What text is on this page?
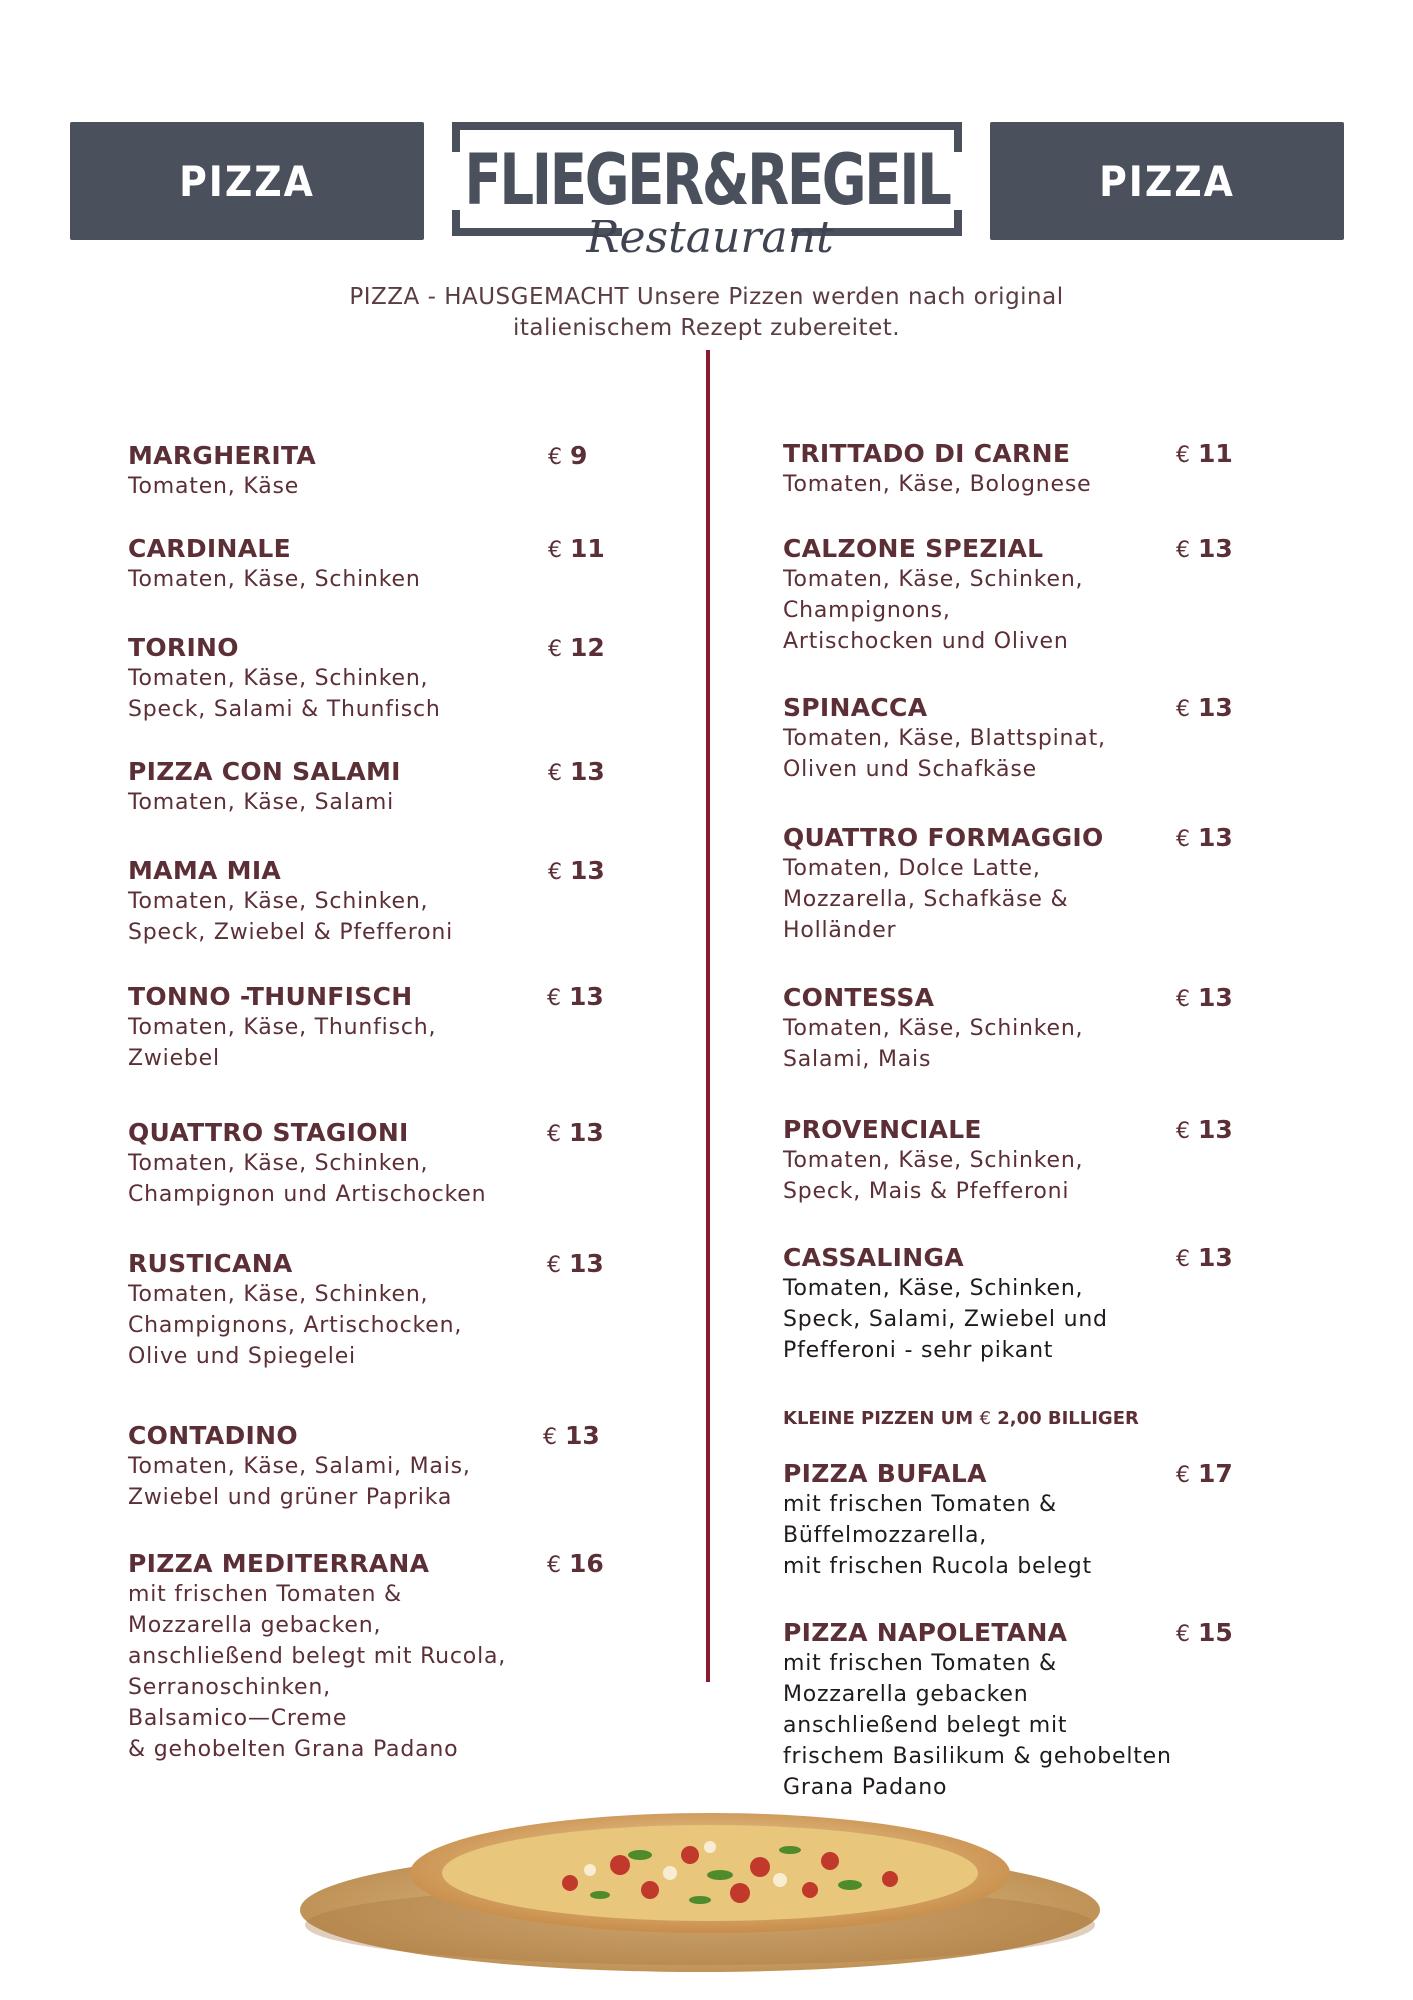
PIZZA	PIZZA
FLIEGER&REGEIL
Restaurant
PIZZA - HAUSGEMACHT Unsere Pizzen werden nach original
italienischem Rezept zubereitet.
MARGHERITA
Tomaten, Käse
€ 9
CARDINALE
Tomaten, Käse, Schinken
€ 11
TORINO
Tomaten, Käse, Schinken,
Speck, Salami & Thunfisch
€ 12
PIZZA CON SALAMI
Tomaten, Käse, Salami
€ 13
MAMA MIA
Tomaten, Käse, Schinken,
Speck, Zwiebel & Pfefferoni
€ 13
TONNO -THUNFISCH
Tomaten, Käse, Thunfisch,
Zwiebel
€ 13
QUATTRO STAGIONI
Tomaten, Käse, Schinken,
Champignon und Artischocken
€ 13
RUSTICANA
Tomaten, Käse, Schinken,
Champignons, Artischocken,
Olive und Spiegelei
€ 13
CONTADINO
Tomaten, Käse, Salami, Mais,
Zwiebel und grüner Paprika
€ 13
PIZZA MEDITERRANA
mit frischen Tomaten &
Mozzarella gebacken,
anschließend belegt mit Rucola,
Serranoschinken,
Balsamico—Creme
& gehobelten Grana Padano
€ 16
TRITTADO DI CARNE
Tomaten, Käse, Bolognese
€ 11
CALZONE SPEZIAL
Tomaten, Käse, Schinken,
Champignons,
Artischocken und Oliven
€ 13
SPINACCA
Tomaten, Käse, Blattspinat,
Oliven und Schafkäse
€ 13
QUATTRO FORMAGGIO
Tomaten, Dolce Latte,
Mozzarella, Schafkäse &
Holländer
€ 13
CONTESSA
Tomaten, Käse, Schinken,
Salami, Mais
€ 13
PROVENCIALE
Tomaten, Käse, Schinken,
Speck, Mais & Pfefferoni
€ 13
CASSALINGA
Tomaten, Käse, Schinken,
Speck, Salami, Zwiebel und
Pfefferoni - sehr pikant
€ 13
KLEINE PIZZEN UM € 2,00 BILLIGER
PIZZA BUFALA
mit frischen Tomaten &
Büffelmozzarella,
mit frischen Rucola belegt
€ 17
PIZZA NAPOLETANA
mit frischen Tomaten &
Mozzarella gebacken
anschließend belegt mit
frischem Basilikum & gehobelten
Grana Padano
€ 15
